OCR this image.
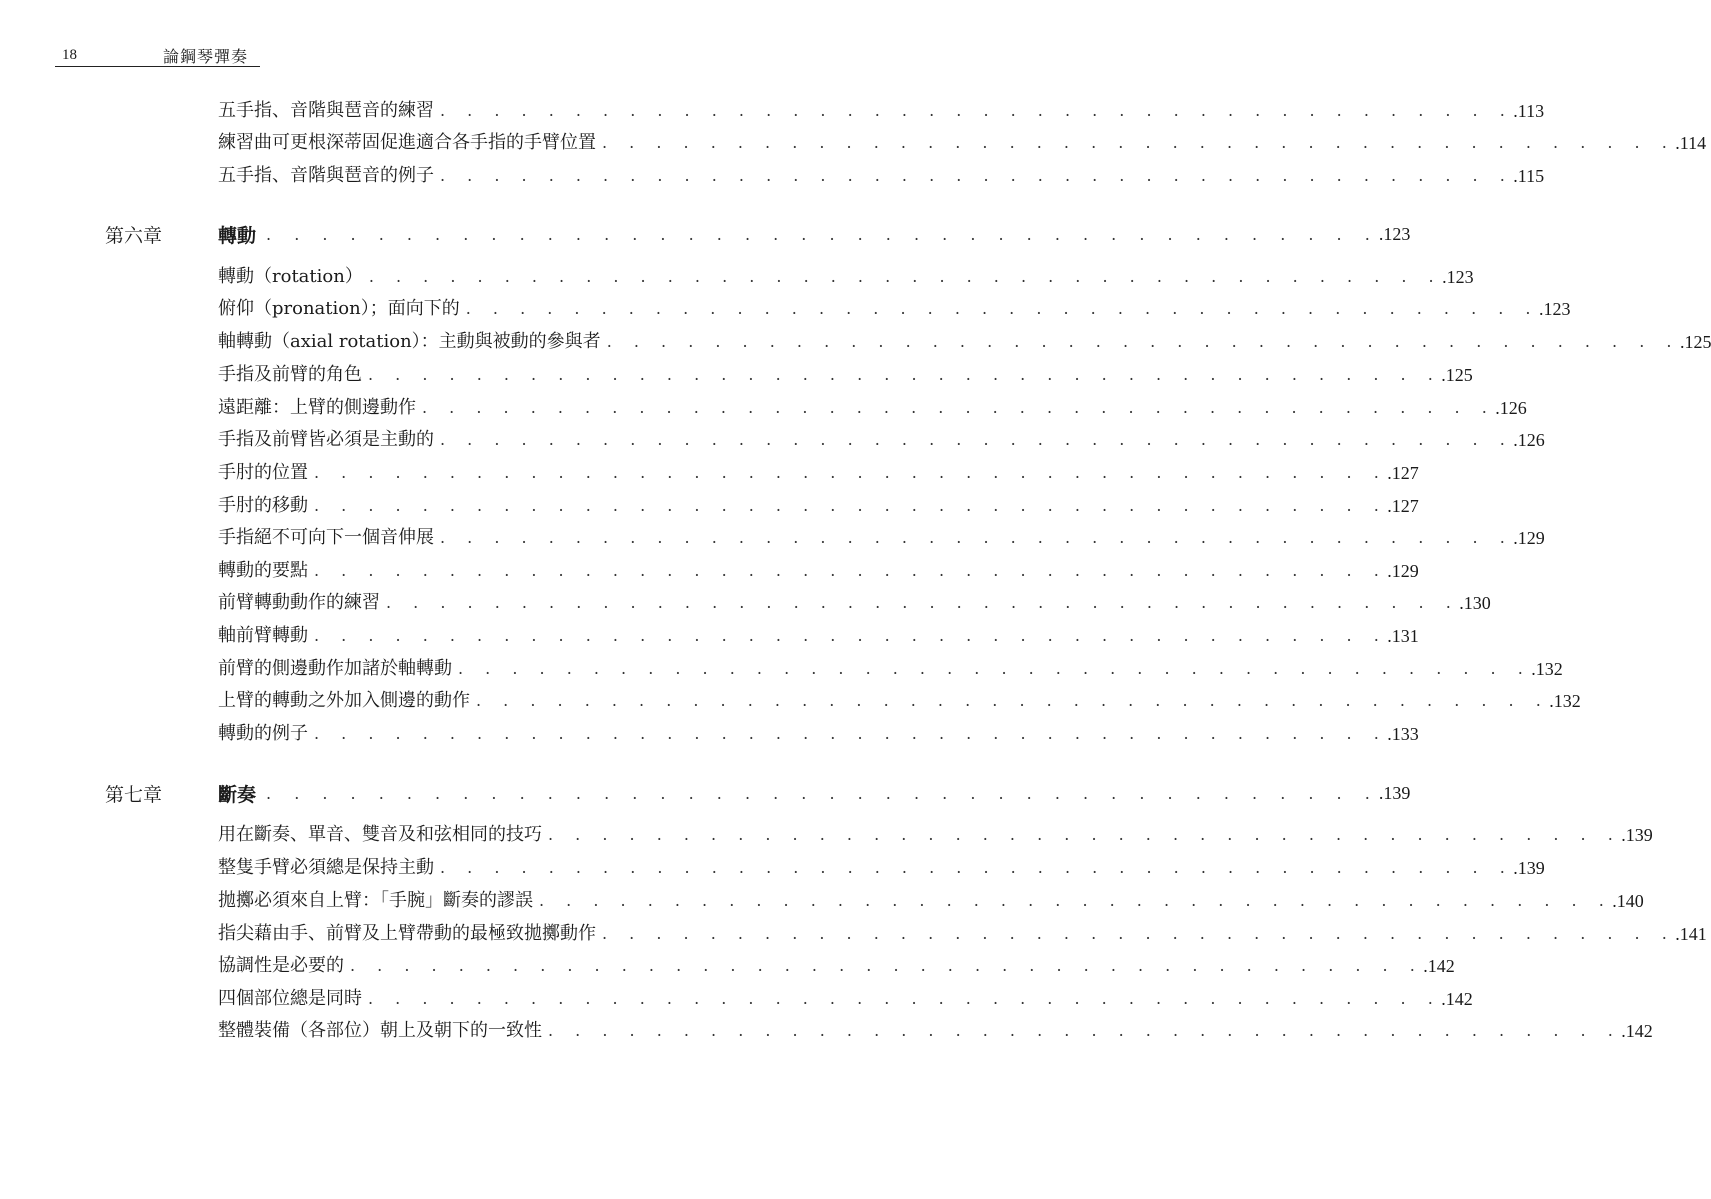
18	論鋼琴彈奏
五手指、音階與琶音的練習 . . . . . . . . . . . . . . . . . . . . . . . . . . . . . . . . . . . . . . . . .113
練習曲可更根深蒂固促進適合各手指的手臂位置 . . . . . . . . . . . . . . . . . . . . . . . . . . . . . . . . . . . . . . . . .114
五手指、音階與琶音的例子 . . . . . . . . . . . . . . . . . . . . . . . . . . . . . . . . . . . . . . . . .115
第六章	轉動 . . . . . . . . . . . . . . . . . . . . . . . . . . . . . . . . . . . . . . . . .123
轉動（rotation） . . . . . . . . . . . . . . . . . . . . . . . . . . . . . . . . . . . . . . . . .123
俯仰（pronation）；面向下的 . . . . . . . . . . . . . . . . . . . . . . . . . . . . . . . . . . . . . . . . .123
軸轉動（axial rotation）：主動與被動的參與者 . . . . . . . . . . . . . . . . . . . . . . . . . . . . . . . . . . . . . . . . .125
手指及前臂的角色 . . . . . . . . . . . . . . . . . . . . . . . . . . . . . . . . . . . . . . . . .125
遠距離：上臂的側邊動作 . . . . . . . . . . . . . . . . . . . . . . . . . . . . . . . . . . . . . . . . .126
手指及前臂皆必須是主動的 . . . . . . . . . . . . . . . . . . . . . . . . . . . . . . . . . . . . . . . . .126
手肘的位置 . . . . . . . . . . . . . . . . . . . . . . . . . . . . . . . . . . . . . . . . .127
手肘的移動 . . . . . . . . . . . . . . . . . . . . . . . . . . . . . . . . . . . . . . . . .127
手指絕不可向下一個音伸展 . . . . . . . . . . . . . . . . . . . . . . . . . . . . . . . . . . . . . . . . .129
轉動的要點 . . . . . . . . . . . . . . . . . . . . . . . . . . . . . . . . . . . . . . . . .129
前臂轉動動作的練習 . . . . . . . . . . . . . . . . . . . . . . . . . . . . . . . . . . . . . . . . .130
軸前臂轉動 . . . . . . . . . . . . . . . . . . . . . . . . . . . . . . . . . . . . . . . . .131
前臂的側邊動作加諸於軸轉動 . . . . . . . . . . . . . . . . . . . . . . . . . . . . . . . . . . . . . . . . .132
上臂的轉動之外加入側邊的動作 . . . . . . . . . . . . . . . . . . . . . . . . . . . . . . . . . . . . . . . . .132
轉動的例子 . . . . . . . . . . . . . . . . . . . . . . . . . . . . . . . . . . . . . . . . .133
第七章	斷奏 . . . . . . . . . . . . . . . . . . . . . . . . . . . . . . . . . . . . . . . . .139
用在斷奏、單音、雙音及和弦相同的技巧 . . . . . . . . . . . . . . . . . . . . . . . . . . . . . . . . . . . . . . . . .139
整隻手臂必須總是保持主動 . . . . . . . . . . . . . . . . . . . . . . . . . . . . . . . . . . . . . . . . .139
拋擲必須來自上臂：「手腕」斷奏的謬誤 . . . . . . . . . . . . . . . . . . . . . . . . . . . . . . . . . . . . . . . . .140
指尖藉由手、前臂及上臂帶動的最極致拋擲動作 . . . . . . . . . . . . . . . . . . . . . . . . . . . . . . . . . . . . . . . . .141
協調性是必要的 . . . . . . . . . . . . . . . . . . . . . . . . . . . . . . . . . . . . . . . . .142
四個部位總是同時 . . . . . . . . . . . . . . . . . . . . . . . . . . . . . . . . . . . . . . . . .142
整體裝備（各部位）朝上及朝下的一致性 . . . . . . . . . . . . . . . . . . . . . . . . . . . . . . . . . . . . . . . . .142
